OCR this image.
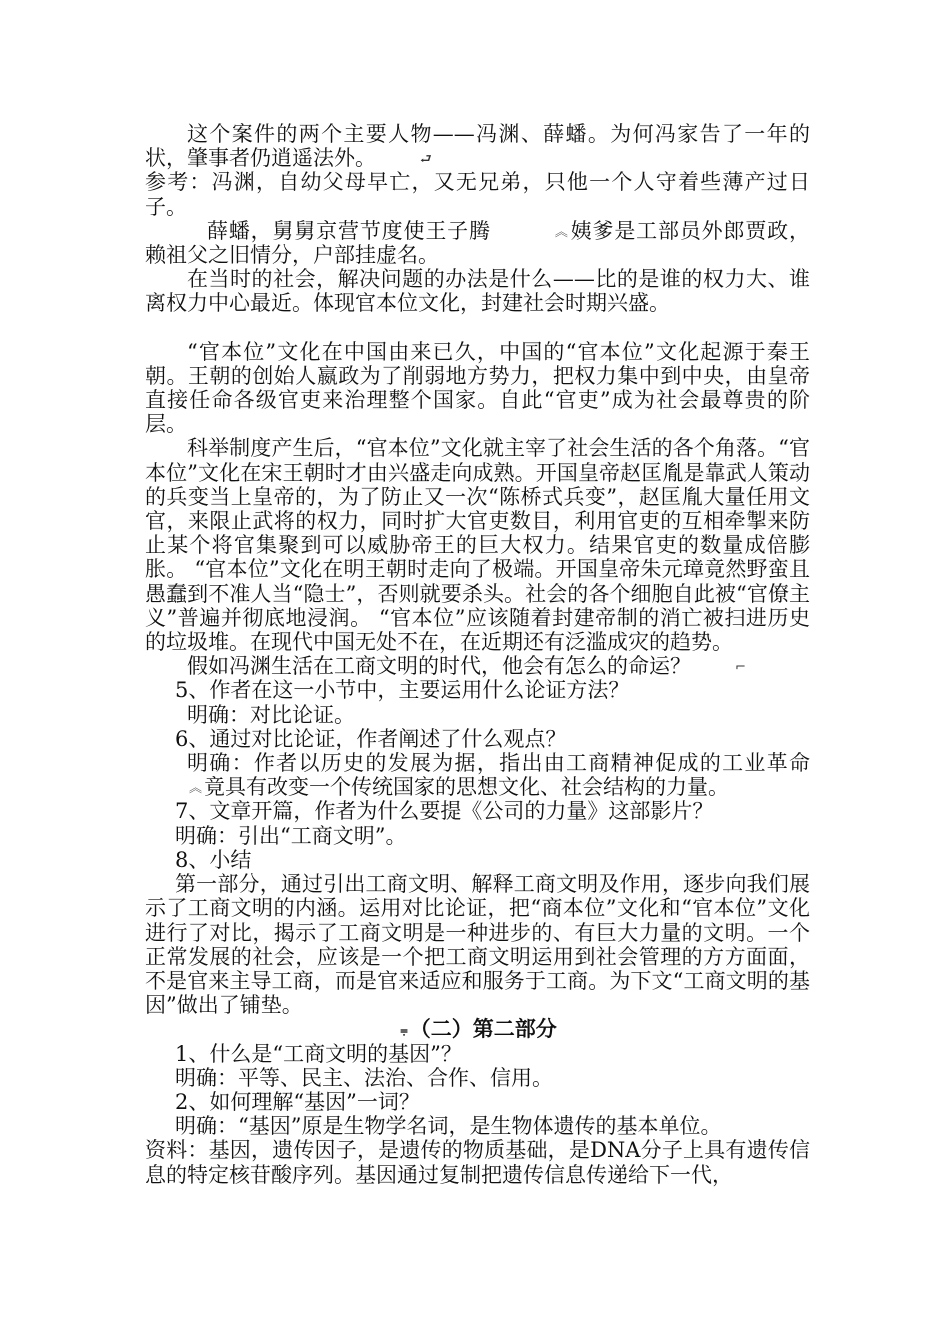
这个案件的两个主要人物——冯渊、薛蟠。为何冯家告了一年的状，肇事者仍逍遥法外。	⮐

参考：冯渊，自幼父母早亡，又无兄弟，只他一个人守着些薄产过日子。

薛蟠，舅舅京营节度使王子腾	︽姨爹是工部员外郎贾政，赖祖父之旧情分，户部挂虚名。

在当时的社会，解决问题的办法是什么——比的是谁的权力大、谁离权力中心最近。体现官本位文化，封建社会时期兴盛。

“官本位”文化在中国由来已久，中国的“官本位”文化起源于秦王朝。王朝的创始人嬴政为了削弱地方势力，把权力集中到中央，由皇帝直接任命各级官吏来治理整个国家。自此“官吏”成为社会最尊贵的阶层。

科举制度产生后，“官本位”文化就主宰了社会生活的各个角落。“官本位”文化在宋王朝时才由兴盛走向成熟。开国皇帝赵匡胤是靠武人策动的兵变当上皇帝的，为了防止又一次“陈桥式兵变”，赵匡胤大量任用文官，来限止武将的权力，同时扩大官吏数目，利用官吏的互相牵掣来防止某个将官集聚到可以威胁帝王的巨大权力。结果官吏的数量成倍膨胀。 “官本位”文化在明王朝时走向了极端。开国皇帝朱元璋竟然野蛮且愚蠢到不准人当“隐士”，否则就要杀头。社会的各个细胞自此被“官僚主义”普遍并彻底地浸润。 “官本位”应该随着封建帝制的消亡被扫进历史的垃圾堆。在现代中国无处不在，在近期还有泛滥成灾的趋势。

假如冯渊生活在工商文明的时代，他会有怎么的命运？	⌐

5、作者在这一小节中，主要运用什么论证方法？

明确：对比论证。

6、通过对比论证，作者阐述了什么观点？

明确：作者以历史的发展为据，指出由工商精神促成的工业革命︽竟具有改变一个传统国家的思想文化、社会结构的力量。

7、文章开篇，作者为什么要提《公司的力量》这部影片？

明确：引出“工商文明”。

8、小结

第一部分，通过引出工商文明、解释工商文明及作用，逐步向我们展示了工商文明的内涵。运用对比论证，把“商本位”文化和“官本位”文化进行了对比，揭示了工商文明是一种进步的、有巨大力量的文明。一个正常发展的社会，应该是一个把工商文明运用到社会管理的方方面面，不是官来主导工商，而是官来适应和服务于工商。为下文“工商文明的基因”做出了铺垫。

⩦（二）第二部分

1、什么是“工商文明的基因”？

明确：平等、民主、法治、合作、信用。

2、如何理解“基因”一词？

明确：“基因”原是生物学名词，是生物体遗传的基本单位。

资料：基因，遗传因子，是遗传的物质基础，是DNA分子上具有遗传信息的特定核苷酸序列。基因通过复制把遗传信息传递给下一代，
